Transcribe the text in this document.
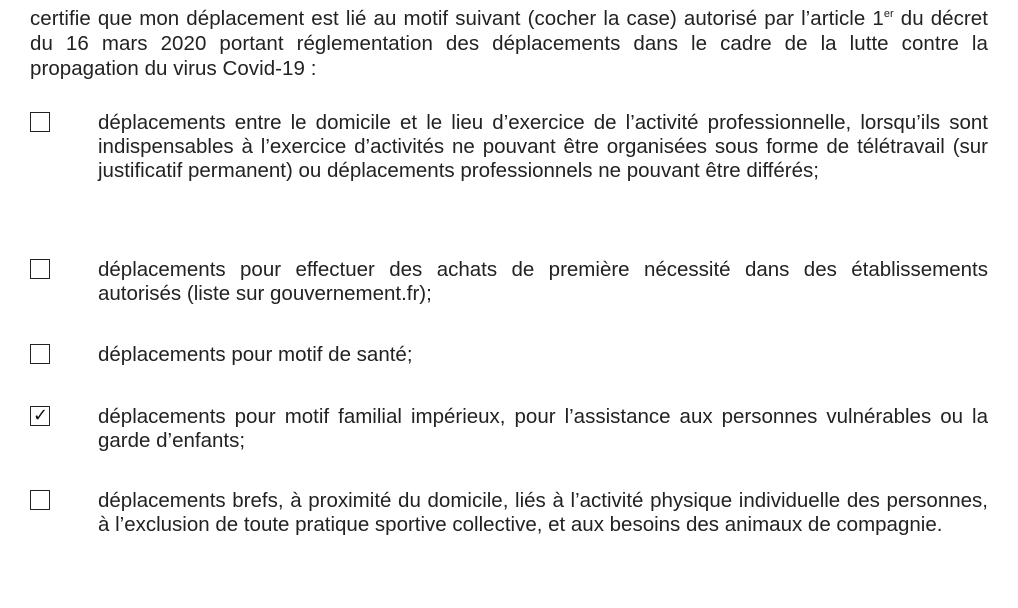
certifie que mon déplacement est lié au motif suivant (cocher la case) autorisé par l’article 1er du décret du 16 mars 2020 portant réglementation des déplacements dans le cadre de la lutte contre la propagation du virus Covid-19 :

déplacements entre le domicile et le lieu d’exercice de l’activité professionnelle, lorsqu’ils sont indispensables à l’exercice d’activités ne pouvant être organisées sous forme de télétravail (sur justificatif permanent) ou déplacements professionnels ne pouvant être différés;
déplacements pour effectuer des achats de première nécessité dans des établissements autorisés (liste sur gouvernement.fr);
déplacements pour motif de santé;
✓ déplacements pour motif familial impérieux, pour l’assistance aux personnes vulnérables ou la garde d’enfants;
déplacements brefs, à proximité du domicile, liés à l’activité physique individuelle des personnes, à l’exclusion de toute pratique sportive collective, et aux besoins des animaux de compagnie.
